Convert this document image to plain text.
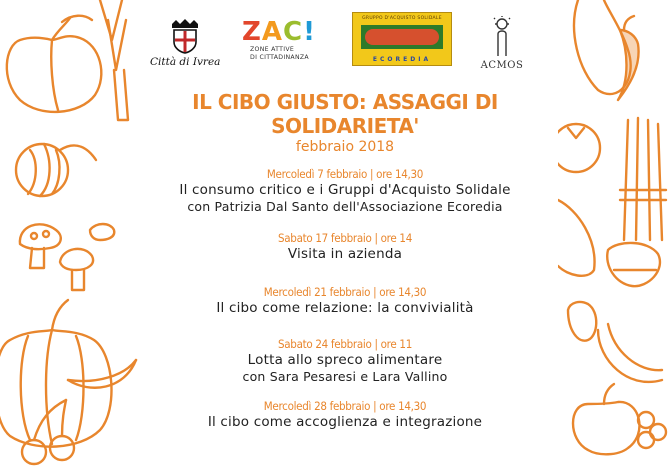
Città di Ivrea
ZAC!
ZONE ATTIVE
DI CITTADINANZA
GRUPPO D'ACQUISTO SOLIDALE
ECOREDIA
ACMOS
IL CIBO GIUSTO: ASSAGGI DI SOLIDARIETA'
febbraio 2018
Mercoledì 7 febbraio | ore 14,30
Il consumo critico e i Gruppi d'Acquisto Solidale
con Patrizia Dal Santo dell'Associazione Ecoredia
Sabato 17 febbraio | ore 14
Visita in azienda
Mercoledì 21 febbraio | ore 14,30
Il cibo come relazione: la convivialità
Sabato 24 febbraio | ore 11
Lotta allo spreco alimentare
con Sara Pesaresi e Lara Vallino
Mercoledì 28 febbraio | ore 14,30
Il cibo come accoglienza e integrazione
